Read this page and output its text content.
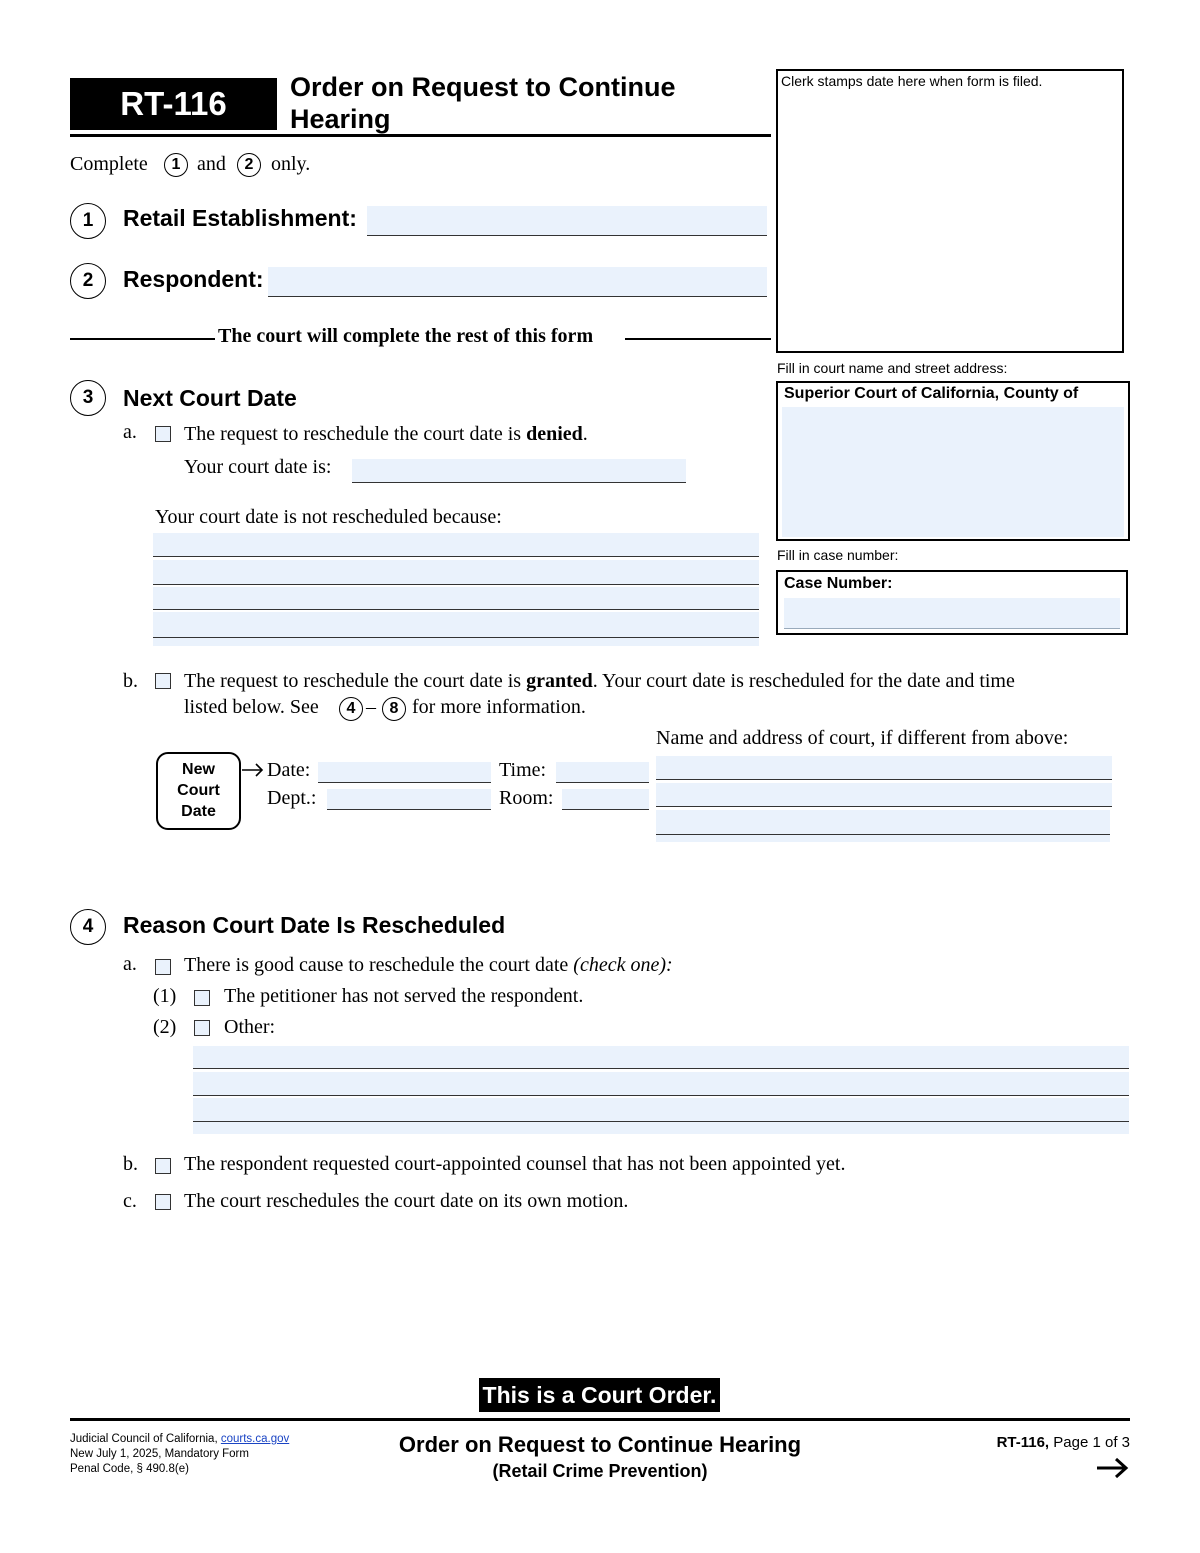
RT-116 Order on Request to Continue
Hearing
Clerk stamps date here when form is filed.
Fill in court name and street address:
Superior Court of California, County of
Fill in case number:
Case Number:
Complete 1 and 2 only.
1 Retail Establishment:
2 Respondent:
The court will complete the rest of this form
3 Next Court Date
a. The request to reschedule the court date is denied.
Your court date is:
Your court date is not rescheduled because:
b. The request to reschedule the court date is granted. Your court date is rescheduled for the date and time
listed below. See 4 – 8 for more information.
Name and address of court, if different from above:
New
Court
Date
Date:	Time:
Dept.:	Room:
4 Reason Court Date Is Rescheduled
a. There is good cause to reschedule the court date (check one):
(1) The petitioner has not served the respondent.
(2) Other:
b. The respondent requested court-appointed counsel that has not been appointed yet.
c. The court reschedules the court date on its own motion.
This is a Court Order.
Judicial Council of California, courts.ca.gov
New July 1, 2025, Mandatory Form
Penal Code, § 490.8(e)
Order on Request to Continue Hearing
(Retail Crime Prevention)
RT-116, Page 1 of 3
